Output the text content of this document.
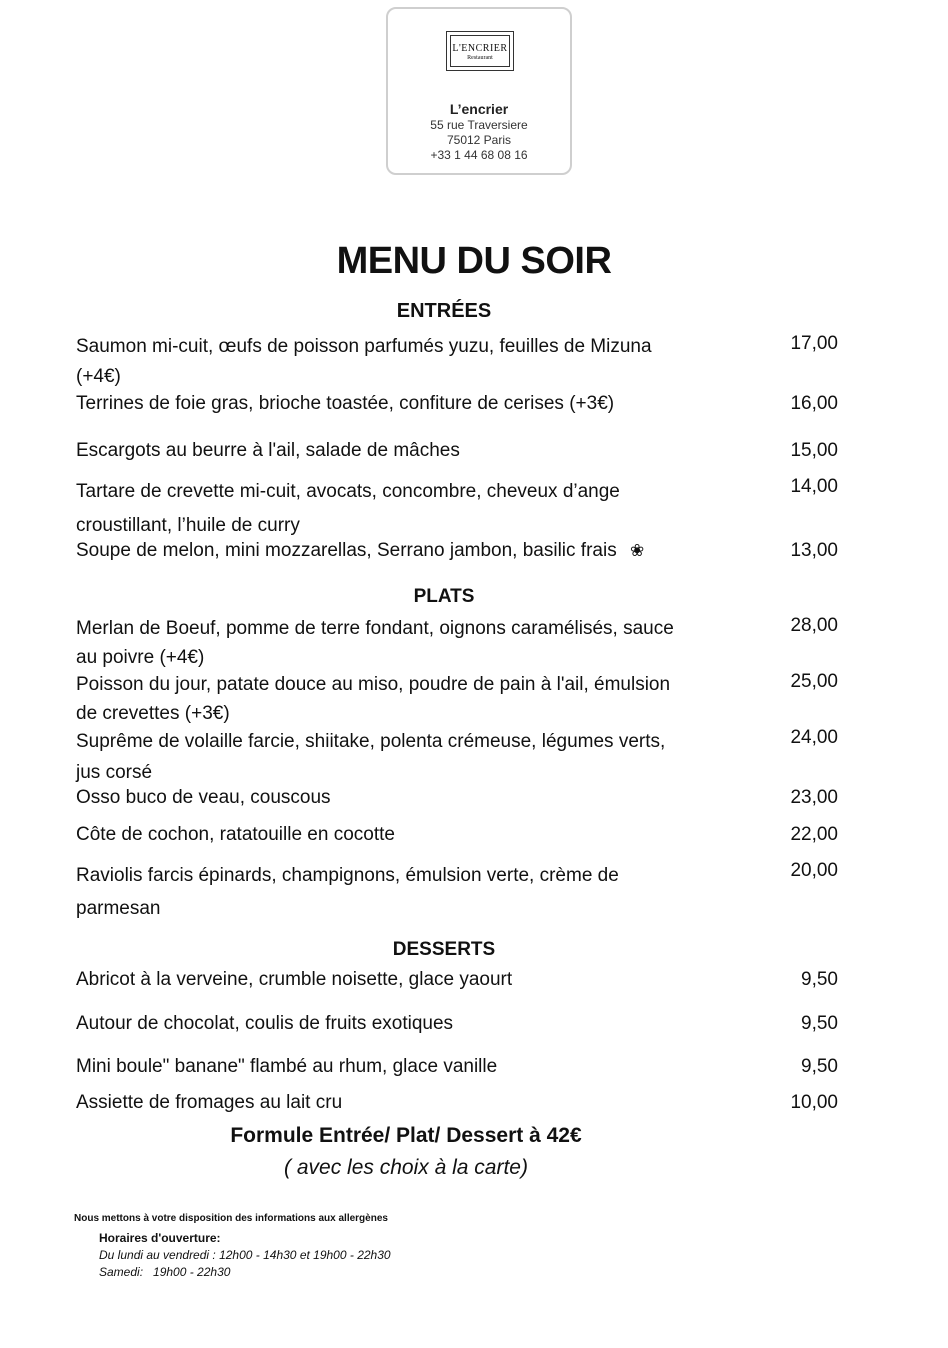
L'ENCRIER
Restaurant
L’encrier
55 rue Traversiere
75012 Paris
+33 1 44 68 08 16
MENU DU SOIR
ENTRÉES
Saumon mi-cuit, œufs de poisson parfumés yuzu, feuilles de Mizuna
(+4€)
17,00
Terrines de foie gras, brioche toastée, confiture de cerises (+3€)	16,00
Escargots au beurre à l'ail, salade de mâches	15,00
Tartare de crevette mi-cuit, avocats, concombre, cheveux d’ange
croustillant, l’huile de curry
14,00
Soupe de melon, mini mozzarellas, Serrano jambon, basilic frais ❀	13,00
PLATS
Merlan de Boeuf, pomme de terre fondant, oignons caramélisés, sauce
au poivre (+4€)
28,00
Poisson du jour, patate douce au miso, poudre de pain à l'ail, émulsion
de crevettes (+3€)
25,00
Suprême de volaille farcie, shiitake, polenta crémeuse, légumes verts,
jus corsé
24,00
Osso buco de veau, couscous	23,00
Côte de cochon, ratatouille en cocotte	22,00
Raviolis farcis épinards, champignons, émulsion verte, crème de
parmesan
20,00
DESSERTS
Abricot à la verveine, crumble noisette, glace yaourt	9,50
Autour de chocolat, coulis de fruits exotiques	9,50
Mini boule" banane" flambé au rhum, glace vanille	9,50
Assiette de fromages au lait cru	10,00
Formule Entrée/ Plat/ Dessert à 42€
( avec les choix à la carte)
Nous mettons à votre disposition des informations aux allergènes
Horaires d'ouverture:
Du lundi au vendredi : 12h00 - 14h30 et 19h00 - 22h30
Samedi:   19h00 - 22h30
